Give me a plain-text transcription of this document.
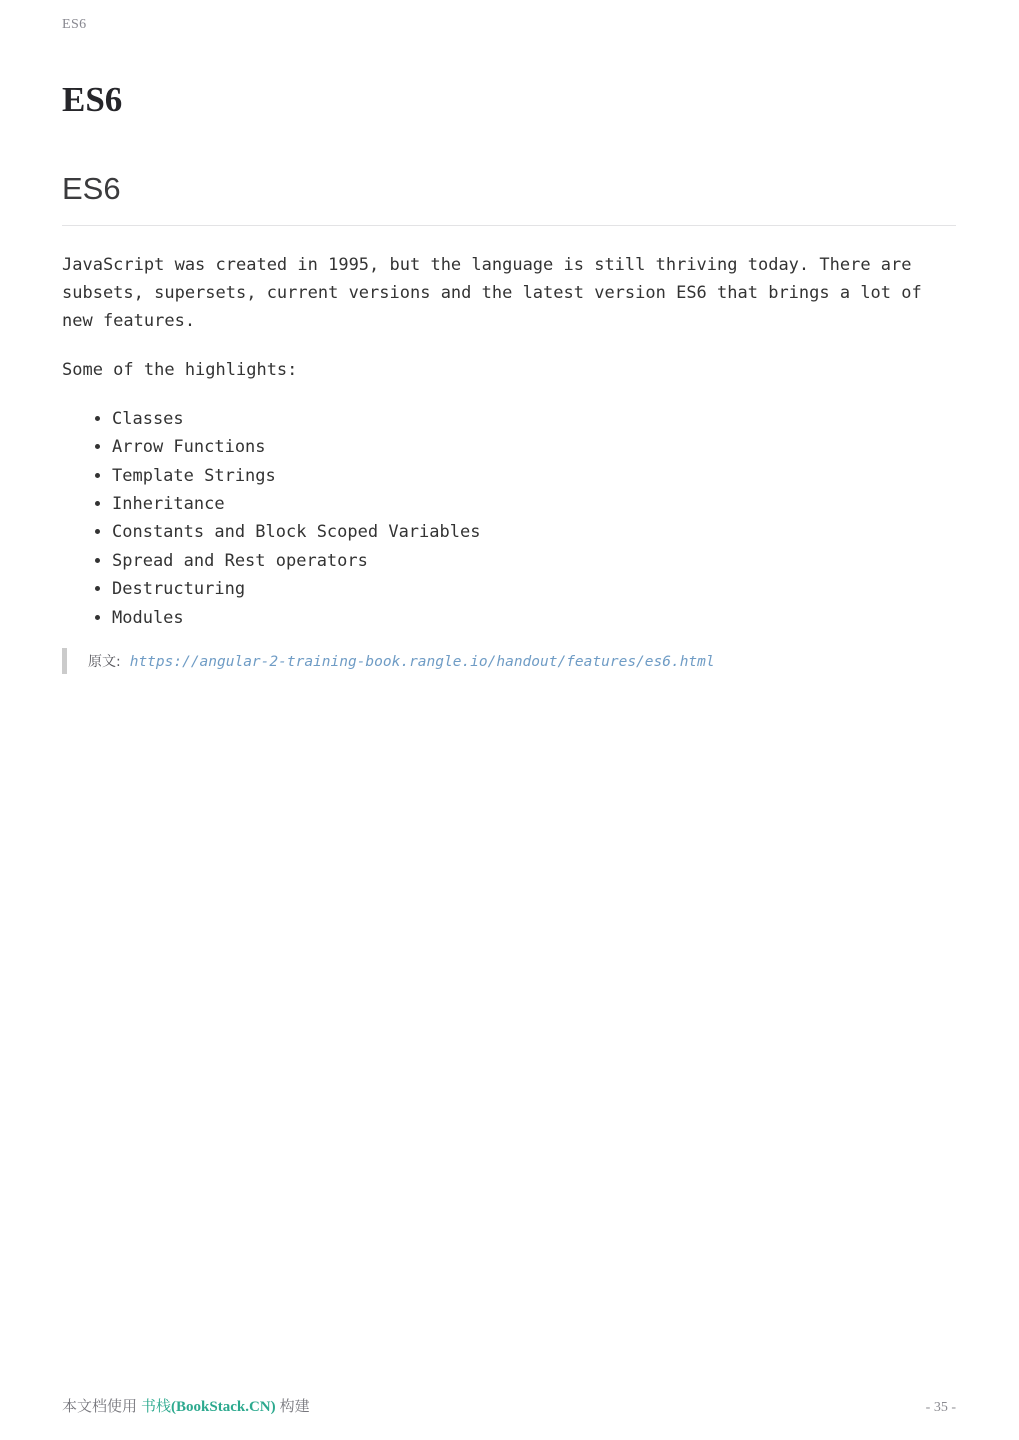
ES6
ES6
ES6

JavaScript was created in 1995, but the language is still thriving today. There are subsets, supersets, current versions and the latest version ES6 that brings a lot of new features.

Some of the highlights:

• Classes
• Arrow Functions
• Template Strings
• Inheritance
• Constants and Block Scoped Variables
• Spread and Rest operators
• Destructuring
• Modules
原文: https://angular-2-training-book.rangle.io/handout/features/es6.html
本文档使用 书栈(BookStack.CN) 构建	- 35 -
